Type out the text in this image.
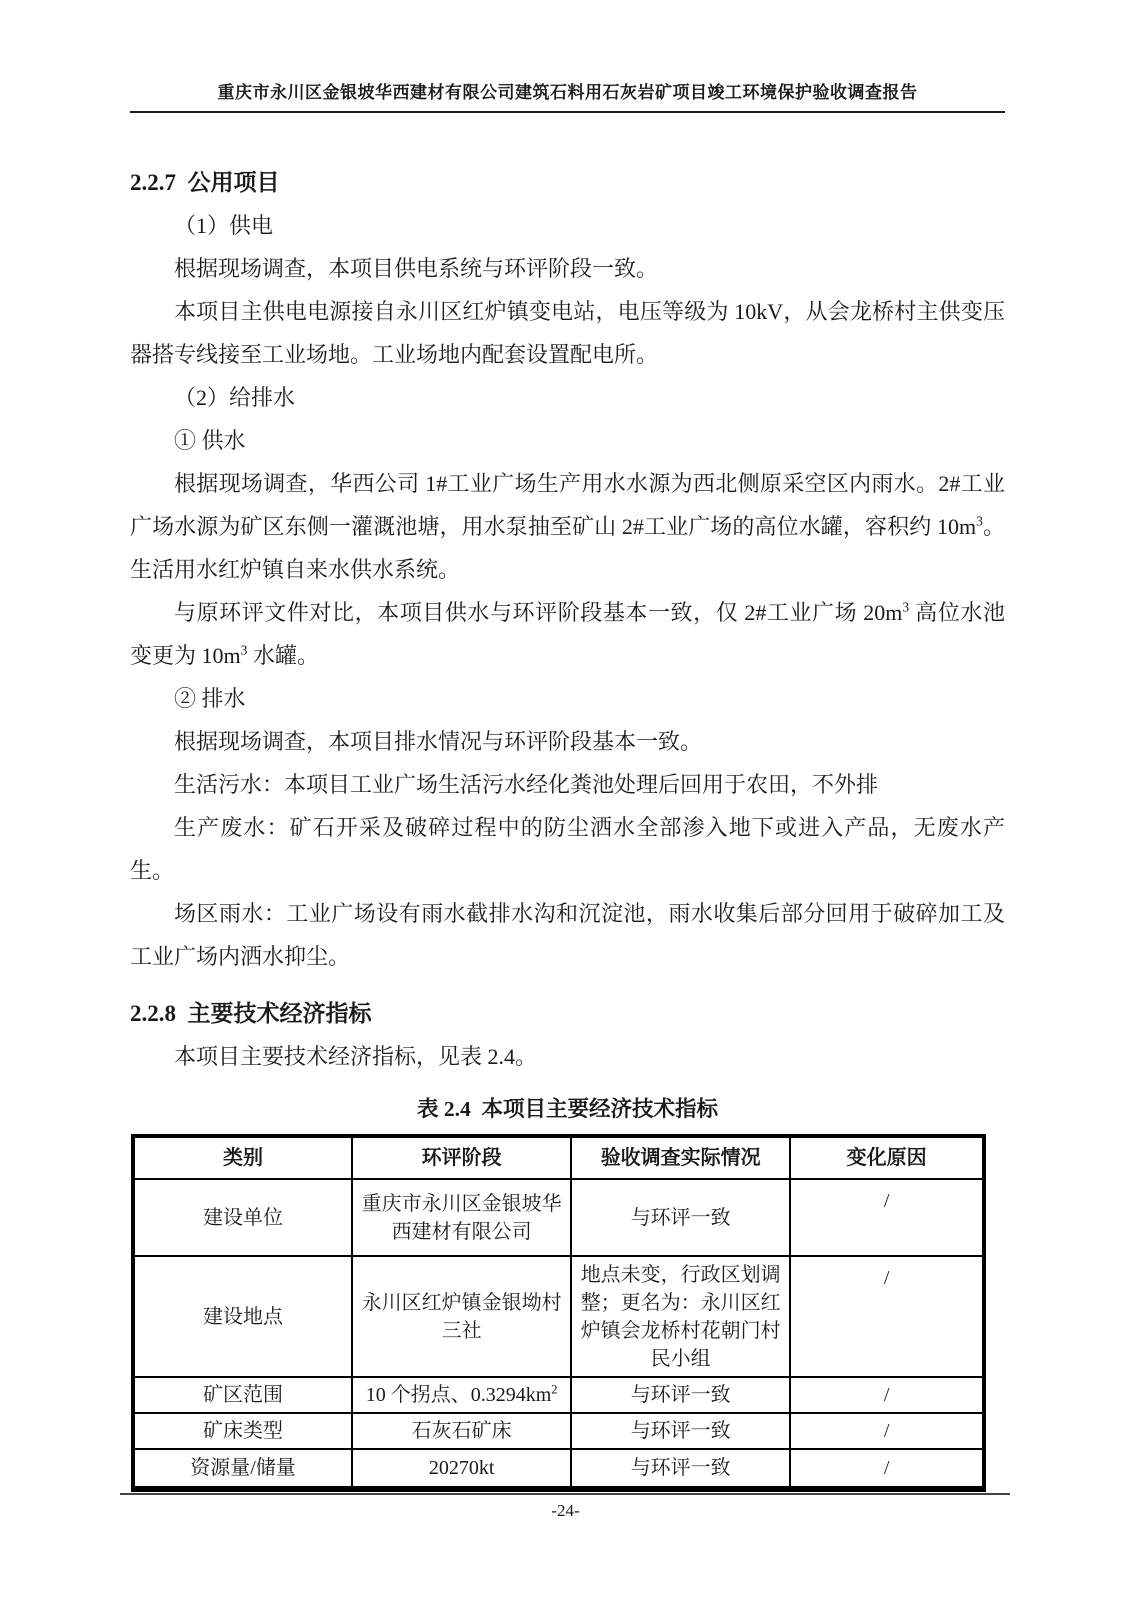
重庆市永川区金银坡华西建材有限公司建筑石料用石灰岩矿项目竣工环境保护验收调查报告
2.2.7  公用项目

（1）供电

根据现场调查，本项目供电系统与环评阶段一致。

本项目主供电电源接自永川区红炉镇变电站，电压等级为 10kV，从会龙桥村主供变压器搭专线接至工业场地。工业场地内配套设置配电所。

（2）给排水

① 供水

根据现场调查，华西公司 1#工业广场生产用水水源为西北侧原采空区内雨水。2#工业广场水源为矿区东侧一灌溉池塘，用水泵抽至矿山 2#工业广场的高位水罐，容积约 $10m^3$。生活用水红炉镇自来水供水系统。

与原环评文件对比，本项目供水与环评阶段基本一致，仅 2#工业广场 $20m^3$ 高位水池变更为 $10m^3$ 水罐。

② 排水

根据现场调查，本项目排水情况与环评阶段基本一致。

生活污水：本项目工业广场生活污水经化粪池处理后回用于农田，不外排

生产废水：矿石开采及破碎过程中的防尘洒水全部渗入地下或进入产品，无废水产生。

场区雨水：工业广场设有雨水截排水沟和沉淀池，雨水收集后部分回用于破碎加工及工业广场内洒水抑尘。

2.2.8  主要技术经济指标

本项目主要技术经济指标，见表 2.4。

表 2.4  本项目主要经济技术指标
类别	环评阶段	验收调查实际情况	变化原因
建设单位	重庆市永川区金银坡华西建材有限公司	与环评一致	/
建设地点	永川区红炉镇金银坳村三社	地点未变，行政区划调整；更名为：永川区红炉镇会龙桥村花朝门村民小组	/
矿区范围	10 个拐点、$0.3294km^2$	与环评一致	/
矿床类型	石灰石矿床	与环评一致	/
资源量/储量	20270kt	与环评一致	/
-24-
